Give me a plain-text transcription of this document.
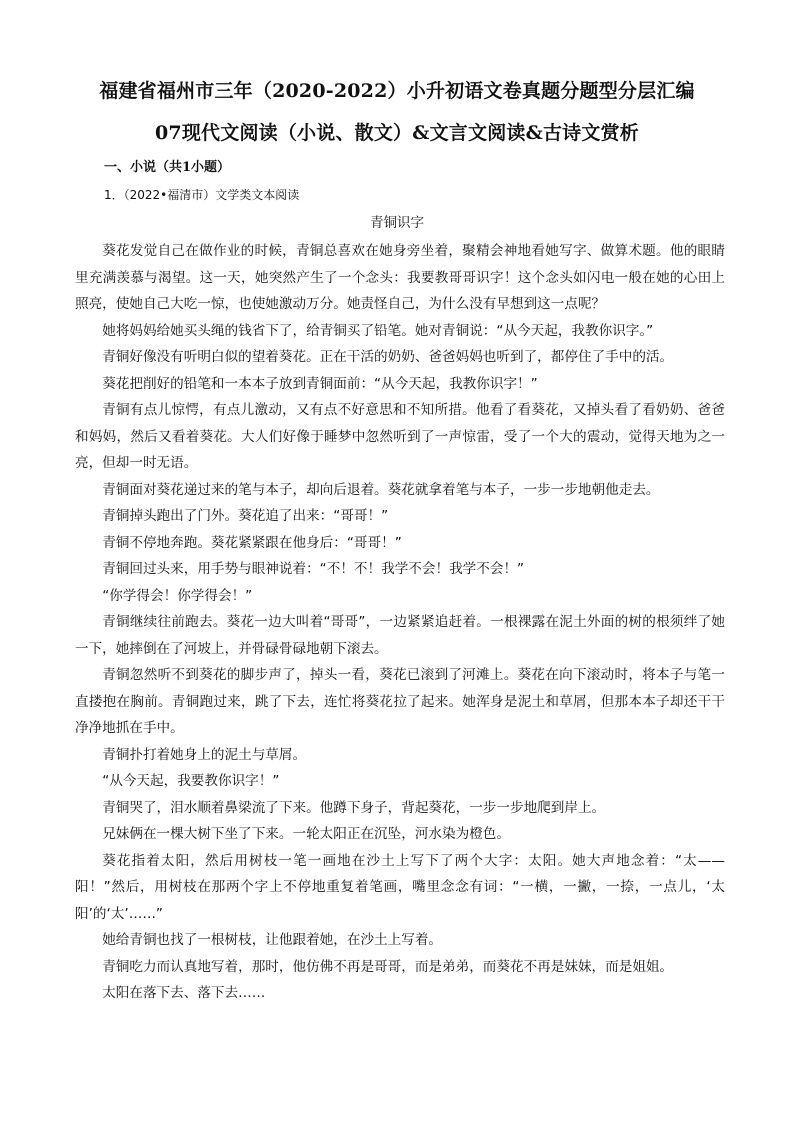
福建省福州市三年（2020-2022）小升初语文卷真题分题型分层汇编
07现代文阅读（小说、散文）&文言文阅读&古诗文赏析
一、小说（共1小题）
1．（2022•福清市）文学类文本阅读
青铜识字

葵花发觉自己在做作业的时候，青铜总喜欢在她身旁坐着，聚精会神地看她写字、做算术题。他的眼睛里充满羡慕与渴望。这一天，她突然产生了一个念头：我要教哥哥识字！这个念头如闪电一般在她的心田上照亮，使她自己大吃一惊，也使她激动万分。她责怪自己，为什么没有早想到这一点呢？

她将妈妈给她买头绳的钱省下了，给青铜买了铅笔。她对青铜说：“从今天起，我教你识字。”

青铜好像没有听明白似的望着葵花。正在干活的奶奶、爸爸妈妈也听到了，都停住了手中的活。

葵花把削好的铅笔和一本本子放到青铜面前：“从今天起，我教你识字！”

青铜有点儿惊愕，有点儿激动，又有点不好意思和不知所措。他看了看葵花，又掉头看了看奶奶、爸爸和妈妈，然后又看着葵花。大人们好像于睡梦中忽然听到了一声惊雷，受了一个大的震动，觉得天地为之一亮，但却一时无语。

青铜面对葵花递过来的笔与本子，却向后退着。葵花就拿着笔与本子，一步一步地朝他走去。

青铜掉头跑出了门外。葵花追了出来：“哥哥！”

青铜不停地奔跑。葵花紧紧跟在他身后：“哥哥！”

青铜回过头来，用手势与眼神说着：“不！不！我学不会！我学不会！”

“你学得会！你学得会！”

青铜继续往前跑去。葵花一边大叫着“哥哥”，一边紧紧追赶着。一根裸露在泥土外面的树的根须绊了她一下，她摔倒在了河坡上，并骨碌骨碌地朝下滚去。

青铜忽然听不到葵花的脚步声了，掉头一看，葵花已滚到了河滩上。葵花在向下滚动时，将本子与笔一直搂抱在胸前。青铜跑过来，跳了下去，连忙将葵花拉了起来。她浑身是泥土和草屑，但那本本子却还干干净净地抓在手中。

青铜扑打着她身上的泥土与草屑。

“从今天起，我要教你识字！”

青铜哭了，泪水顺着鼻梁流了下来。他蹲下身子，背起葵花，一步一步地爬到岸上。

兄妹俩在一棵大树下坐了下来。一轮太阳正在沉坠，河水染为橙色。

葵花指着太阳，然后用树枝一笔一画地在沙土上写下了两个大字：太阳。她大声地念着：“太——阳！”然后，用树枝在那两个字上不停地重复着笔画，嘴里念念有词：“一横，一撇，一捺，一点儿，‘太阳’的‘太’……”

她给青铜也找了一根树枝，让他跟着她，在沙土上写着。

青铜吃力而认真地写着，那时，他仿佛不再是哥哥，而是弟弟，而葵花不再是妹妹，而是姐姐。

太阳在落下去、落下去……
